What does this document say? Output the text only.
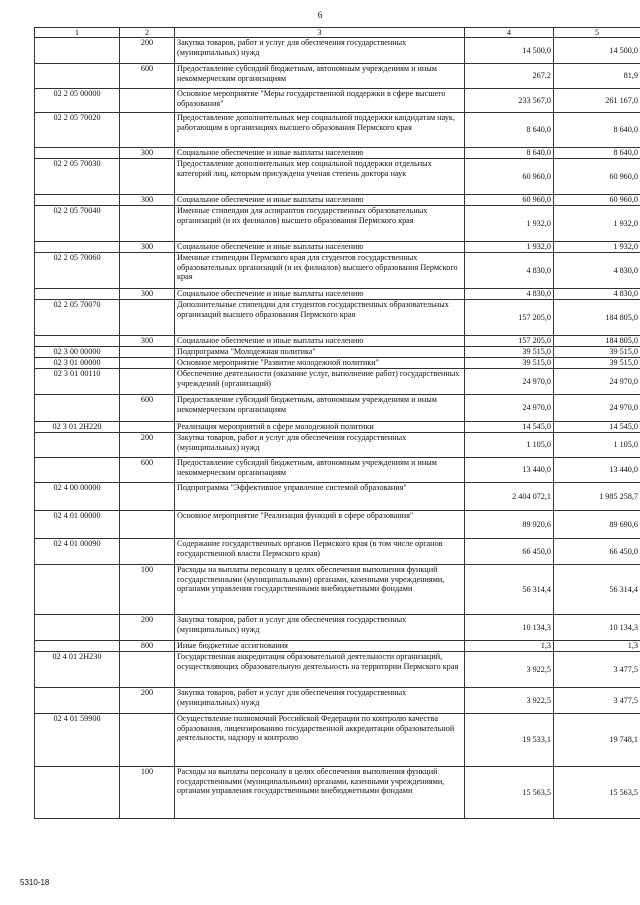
6
1	2	3	4	5
	200	Закупка товаров, работ и услуг для обеспечения государственных (муниципальных) нужд	14 500,0	14 500,0
	600	Предоставление субсидий бюджетным, автономным учреждениям и иным некоммерческим организациям	267,2	81,9
02 2 05 00000		Основное мероприятие "Меры государственной поддержки в сфере высшего образования"	233 567,0	261 167,0
02 2 05 70020		Предоставление дополнительных мер социальной поддержки кандидатам наук, работающим в организациях высшего образования Пермского края	8 640,0	8 640,0
	300	Социальное обеспечение и иные выплаты населению	8 640,0	8 640,0
02 2 05 70030		Предоставление дополнительных мер социальной поддержки отдельных категорий лиц, которым присуждена ученая степень доктора наук	60 960,0	60 960,0
	300	Социальное обеспечение и иные выплаты населению	60 960,0	60 960,0
02 2 05 70040		Именные стипендии для аспирантов государственных образовательных организаций (и их филиалов) высшего образования Пермского края	1 932,0	1 932,0
	300	Социальное обеспечение и иные выплаты населению	1 932,0	1 932,0
02 2 05 70060		Именные стипендии Пермского края для студентов государственных образовательных организаций (и их филиалов) высшего образования Пермского края	4 830,0	4 830,0
	300	Социальное обеспечение и иные выплаты населению	4 830,0	4 830,0
02 2 05 70070		Дополнительные стипендии для студентов государственных образовательных организаций высшего образования Пермского края	157 205,0	184 805,0
	300	Социальное обеспечение и иные выплаты населению	157 205,0	184 805,0
02 3 00 00000		Подпрограмма "Молодежная политика"	39 515,0	39 515,0
02 3 01 00000		Основное мероприятие "Развитие молодежной политики"	39 515,0	39 515,0
02 3 01 00110		Обеспечение деятельности (оказание услуг, выполнение работ) государственных учреждений (организаций)	24 970,0	24 970,0
	600	Предоставление субсидий бюджетным, автономным учреждениям и иным некоммерческим организациям	24 970,0	24 970,0
02 3 01 2Н220		Реализация мероприятий в сфере молодежной политики	14 545,0	14 545,0
	200	Закупка товаров, работ и услуг для обеспечения государственных (муниципальных) нужд	1 105,0	1 105,0
	600	Предоставление субсидий бюджетным, автономным учреждениям и иным некоммерческим организациям	13 440,0	13 440,0
02 4 00 00000		Подпрограмма "Эффективное управление системой образования"	2 404 072,1	1 985 258,7
02 4 01 00000		Основное мероприятие "Реализация функций в сфере образования"	89 920,6	89 690,6
02 4 01 00090		Содержание государственных органов Пермского края (в том числе органов государственной власти Пермского края)	66 450,0	66 450,0
	100	Расходы на выплаты персоналу в целях обеспечения выполнения функций государственными (муниципальными) органами, казенными учреждениями, органами управления государственными внебюджетными фондами	56 314,4	56 314,4
	200	Закупка товаров, работ и услуг для обеспечения государственных (муниципальных) нужд	10 134,3	10 134,3
	800	Иные бюджетные ассигнования	1,3	1,3
02 4 01 2Н230		Государственная аккредитация образовательной деятельности организаций, осуществляющих образовательную деятельность на территории Пермского края	3 922,5	3 477,5
	200	Закупка товаров, работ и услуг для обеспечения государственных (муниципальных) нужд	3 922,5	3 477,5
02 4 01 59900		Осуществление полномочий Российской Федерации по контролю качества образования, лицензированию государственной аккредитации образовательной деятельности, надзору и контролю	19 533,1	19 748,1
	100	Расходы на выплаты персоналу в целях обеспечения выполнения функций государственными (муниципальными) органами, казенными учреждениями, органами управления государственными внебюджетными фондами	15 563,5	15 563,5
5310-18
